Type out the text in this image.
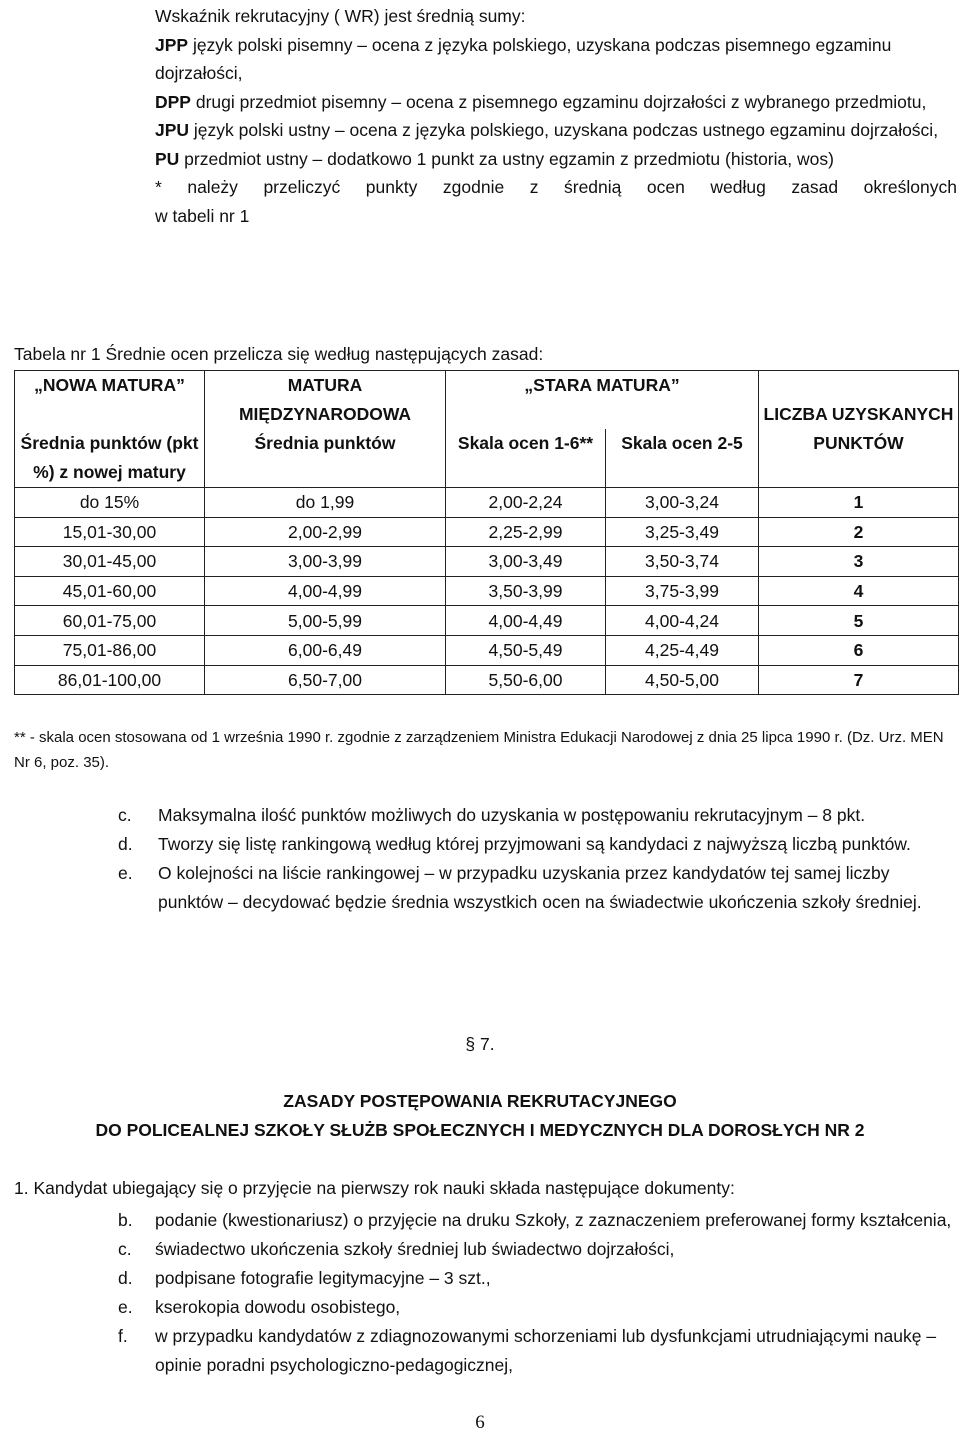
Wskaźnik rekrutacyjny ( WR) jest średnią sumy:

JPP język polski pisemny – ocena z języka polskiego, uzyskana podczas pisemnego egzaminu dojrzałości,

DPP drugi przedmiot pisemny – ocena z pisemnego egzaminu dojrzałości z wybranego przedmiotu,

JPU język polski ustny – ocena z języka polskiego, uzyskana podczas ustnego egzaminu dojrzałości,

PU przedmiot ustny – dodatkowo 1 punkt za ustny egzamin z przedmiotu (historia, wos)

* należy przeliczyć punkty zgodnie z średnią ocen według zasad określonych

w tabeli nr 1

Tabela nr 1 Średnie ocen przelicza się według następujących zasad:
„NOWA MATURA”	MATURA MIĘDZYNARODOWA	„STARA MATURA”		LICZBA UZYSKANYCH PUNKTÓW
Średnia punktów (pkt %) z nowej matury	Średnia punktów	Skala ocen 1-6**	Skala ocen 2-5	
do 15%	do 1,99	2,00-2,24	3,00-3,24	1
15,01-30,00	2,00-2,99	2,25-2,99	3,25-3,49	2
30,01-45,00	3,00-3,99	3,00-3,49	3,50-3,74	3
45,01-60,00	4,00-4,99	3,50-3,99	3,75-3,99	4
60,01-75,00	5,00-5,99	4,00-4,49	4,00-4,24	5
75,01-86,00	6,00-6,49	4,50-5,49	4,25-4,49	6
86,01-100,00	6,50-7,00	5,50-6,00	4,50-5,00	7
** - skala ocen stosowana od 1 września 1990 r. zgodnie z zarządzeniem Ministra Edukacji Narodowej z dnia 25 lipca 1990 r. (Dz. Urz. MEN Nr 6, poz. 35).

c. Maksymalna ilość punktów możliwych do uzyskania w postępowaniu rekrutacyjnym – 8 pkt.

d. Tworzy się listę rankingową według której przyjmowani są kandydaci z najwyższą liczbą punktów.

e. O kolejności na liście rankingowej – w przypadku uzyskania przez kandydatów tej samej liczby punktów – decydować będzie średnia wszystkich ocen na świadectwie ukończenia szkoły średniej.

§ 7.
ZASADY POSTĘPOWANIA REKRUTACYJNEGO
DO POLICEALNEJ SZKOŁY SŁUŻB SPOŁECZNYCH I MEDYCZNYCH DLA DOROSŁYCH NR 2
1. Kandydat ubiegający się o przyjęcie na pierwszy rok nauki składa następujące dokumenty:

b. podanie (kwestionariusz) o przyjęcie na druku Szkoły, z zaznaczeniem preferowanej formy kształcenia,

c. świadectwo ukończenia szkoły średniej lub świadectwo dojrzałości,

d. podpisane fotografie legitymacyjne – 3 szt.,

e. kserokopia dowodu osobistego,

f. w przypadku kandydatów z zdiagnozowanymi schorzeniami lub dysfunkcjami utrudniającymi naukę – opinie poradni psychologiczno-pedagogicznej,

6
